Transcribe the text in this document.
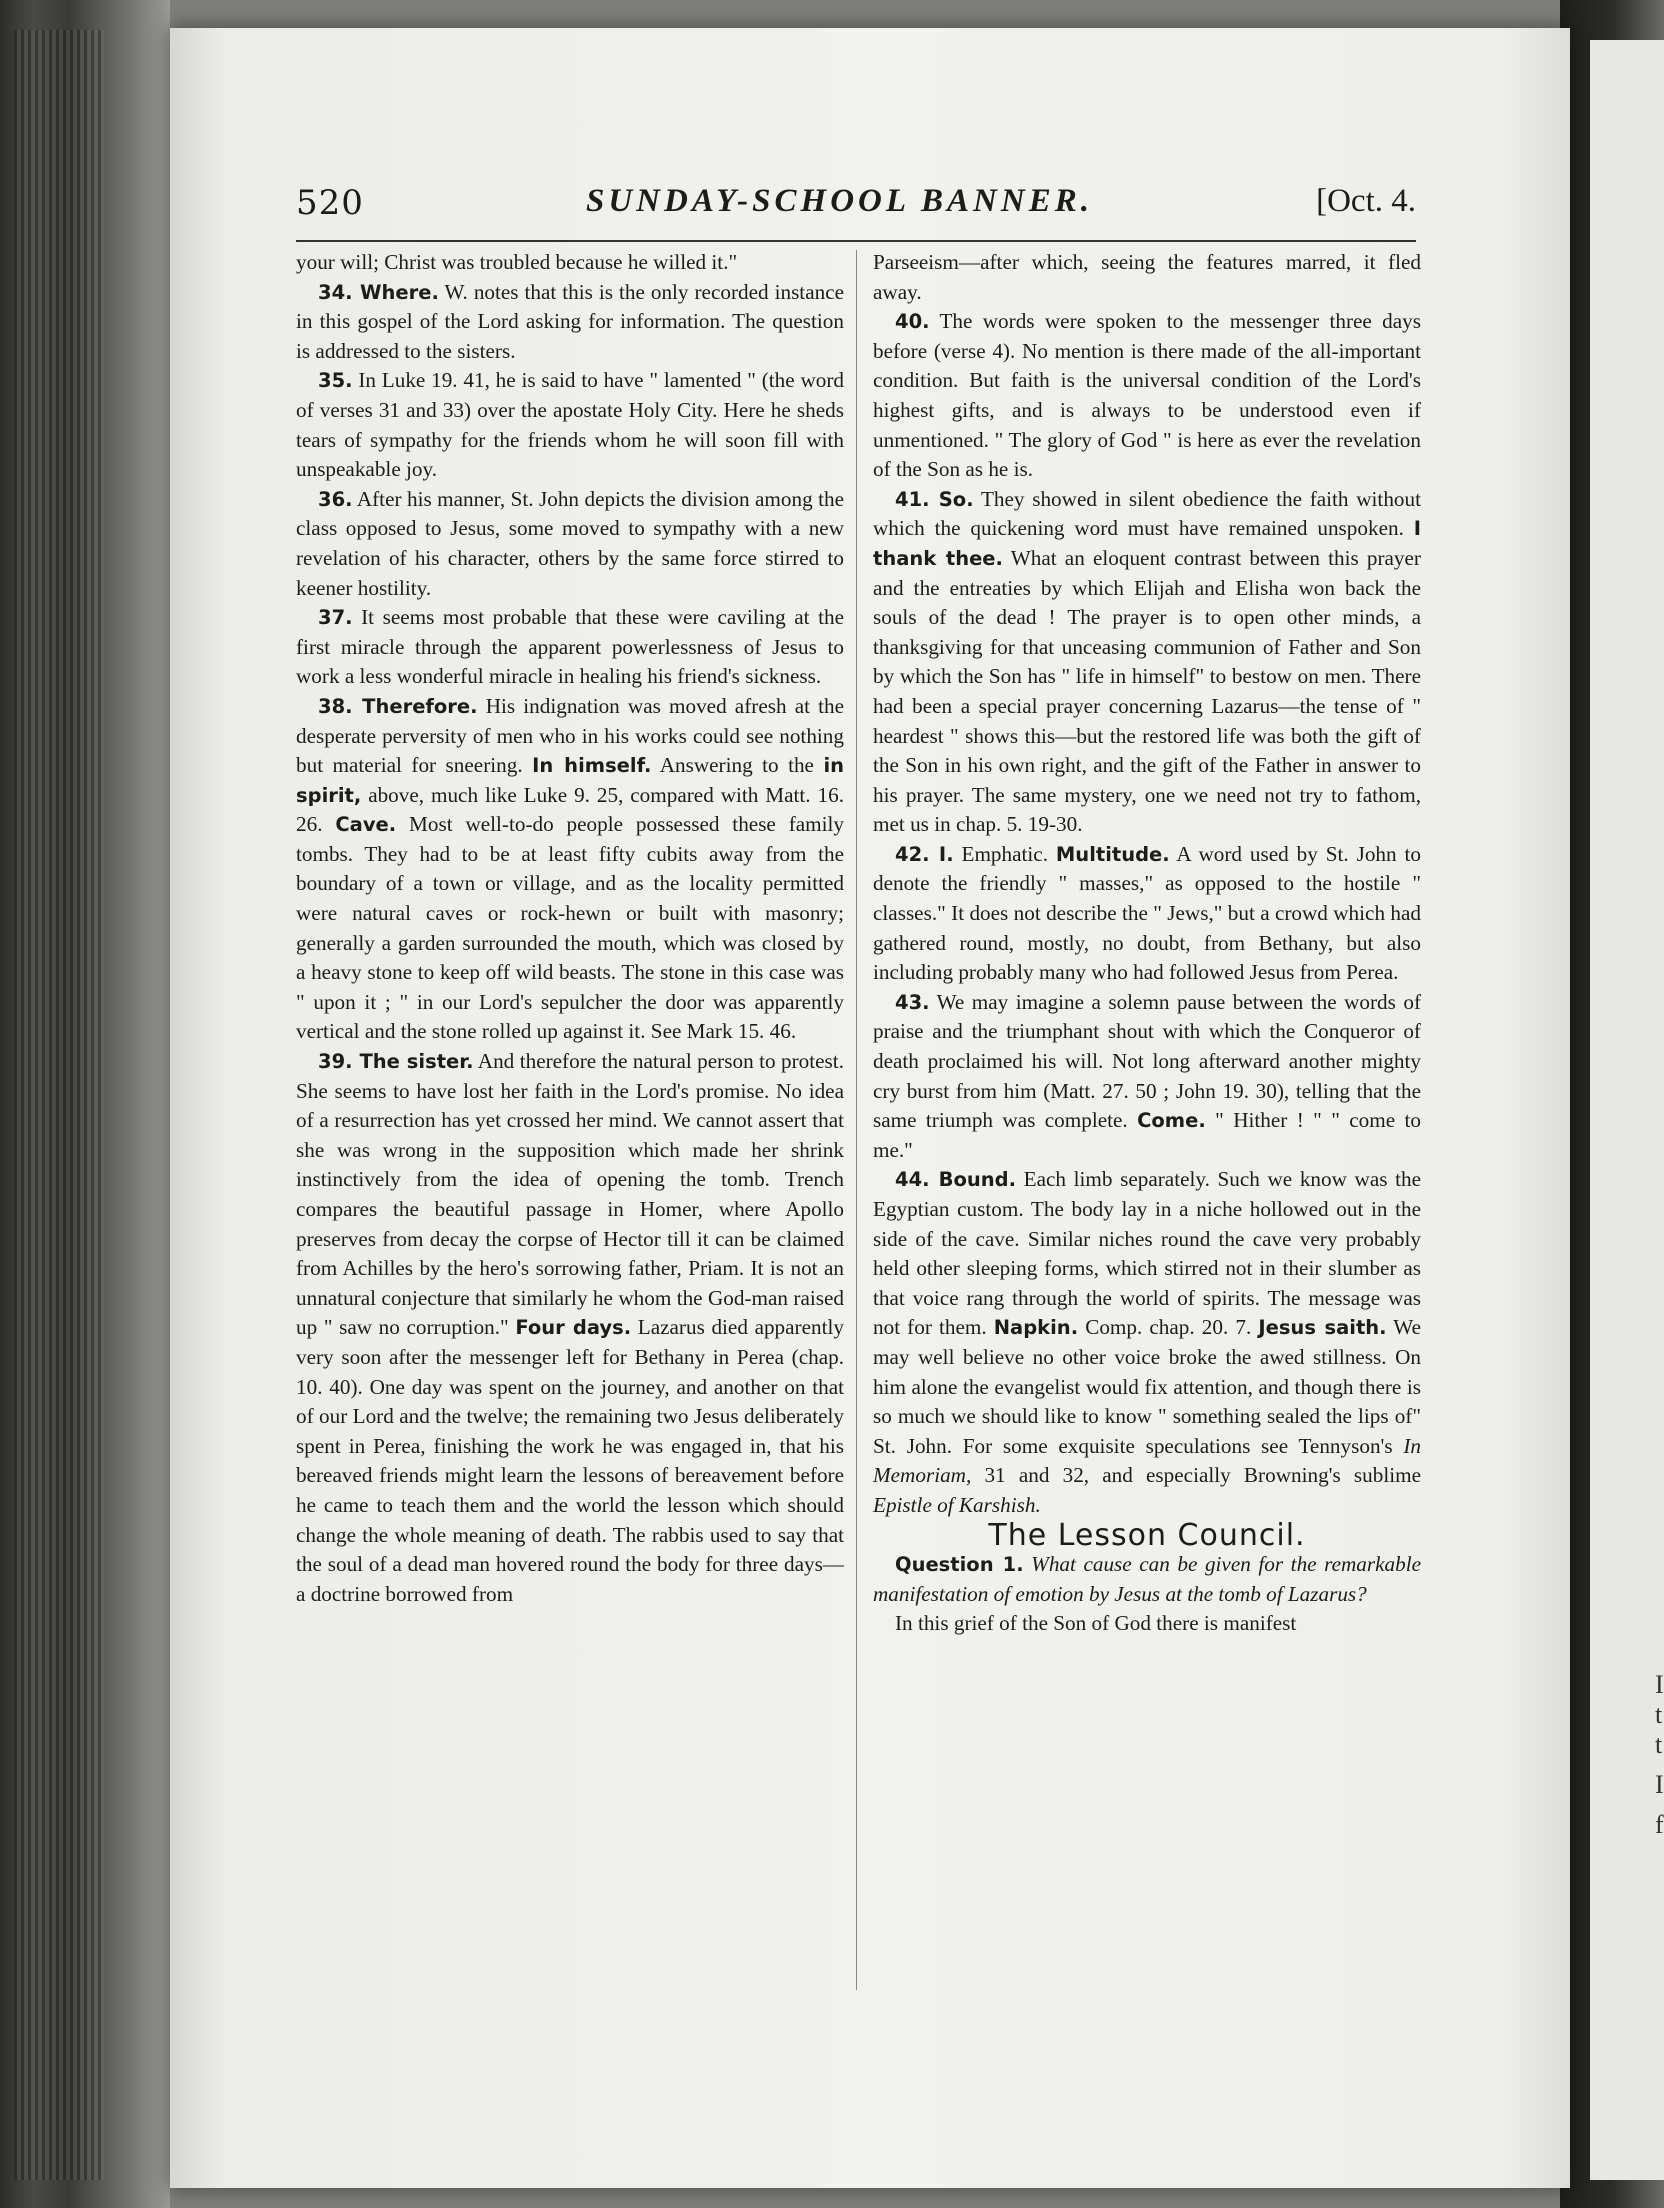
I
t
t
I
f
520	SUNDAY-SCHOOL BANNER.	[Oct. 4.

your will; Christ was troubled because he willed it."

34. Where. W. notes that this is the only recorded instance in this gospel of the Lord asking for information. The question is addressed to the sisters.

35. In Luke 19. 41, he is said to have " lamented " (the word of verses 31 and 33) over the apostate Holy City. Here he sheds tears of sympathy for the friends whom he will soon fill with unspeakable joy.

36. After his manner, St. John depicts the division among the class opposed to Jesus, some moved to sympathy with a new revelation of his character, others by the same force stirred to keener hostility.

37. It seems most probable that these were caviling at the first miracle through the apparent powerlessness of Jesus to work a less wonderful miracle in healing his friend's sickness.

38. Therefore. His indignation was moved afresh at the desperate perversity of men who in his works could see nothing but material for sneering. In himself. Answering to the in spirit, above, much like Luke 9. 25, compared with Matt. 16. 26. Cave. Most well-to-do people possessed these family tombs. They had to be at least fifty cubits away from the boundary of a town or village, and as the locality permitted were natural caves or rock-hewn or built with masonry; generally a garden surrounded the mouth, which was closed by a heavy stone to keep off wild beasts. The stone in this case was " upon it ; " in our Lord's sepulcher the door was apparently vertical and the stone rolled up against it. See Mark 15. 46.

39. The sister. And therefore the natural person to protest. She seems to have lost her faith in the Lord's promise. No idea of a resurrection has yet crossed her mind. We cannot assert that she was wrong in the supposition which made her shrink instinctively from the idea of opening the tomb. Trench compares the beautiful passage in Homer, where Apollo preserves from decay the corpse of Hector till it can be claimed from Achilles by the hero's sorrowing father, Priam. It is not an unnatural conjecture that similarly he whom the God-man raised up " saw no corruption." Four days. Lazarus died apparently very soon after the messenger left for Bethany in Perea (chap. 10. 40). One day was spent on the journey, and another on that of our Lord and the twelve; the remaining two Jesus deliberately spent in Perea, finishing the work he was engaged in, that his bereaved friends might learn the lessons of bereavement before he came to teach them and the world the lesson which should change the whole meaning of death. The rabbis used to say that the soul of a dead man hovered round the body for three days—a doctrine borrowed from

Parseeism—after which, seeing the features marred, it fled away.

40. The words were spoken to the messenger three days before (verse 4). No mention is there made of the all-important condition. But faith is the universal condition of the Lord's highest gifts, and is always to be understood even if unmentioned. " The glory of God " is here as ever the revelation of the Son as he is.

41. So. They showed in silent obedience the faith without which the quickening word must have remained unspoken. I thank thee. What an eloquent contrast between this prayer and the entreaties by which Elijah and Elisha won back the souls of the dead ! The prayer is to open other minds, a thanksgiving for that unceasing communion of Father and Son by which the Son has " life in himself" to bestow on men. There had been a special prayer concerning Lazarus—the tense of " heardest " shows this—but the restored life was both the gift of the Son in his own right, and the gift of the Father in answer to his prayer. The same mystery, one we need not try to fathom, met us in chap. 5. 19-30.

42. I. Emphatic. Multitude. A word used by St. John to denote the friendly " masses," as opposed to the hostile " classes." It does not describe the " Jews," but a crowd which had gathered round, mostly, no doubt, from Bethany, but also including probably many who had followed Jesus from Perea.

43. We may imagine a solemn pause between the words of praise and the triumphant shout with which the Conqueror of death proclaimed his will. Not long afterward another mighty cry burst from him (Matt. 27. 50 ; John 19. 30), telling that the same triumph was complete. Come. " Hither ! " " come to me."

44. Bound. Each limb separately. Such we know was the Egyptian custom. The body lay in a niche hollowed out in the side of the cave. Similar niches round the cave very probably held other sleeping forms, which stirred not in their slumber as that voice rang through the world of spirits. The message was not for them. Napkin. Comp. chap. 20. 7. Jesus saith. We may well believe no other voice broke the awed stillness. On him alone the evangelist would fix attention, and though there is so much we should like to know " something sealed the lips of" St. John. For some exquisite speculations see Tennyson's In Memoriam, 31 and 32, and especially Browning's sublime Epistle of Karshish.

The Lesson Council.

Question 1. What cause can be given for the remarkable manifestation of emotion by Jesus at the tomb of Lazarus?

In this grief of the Son of God there is manifest
